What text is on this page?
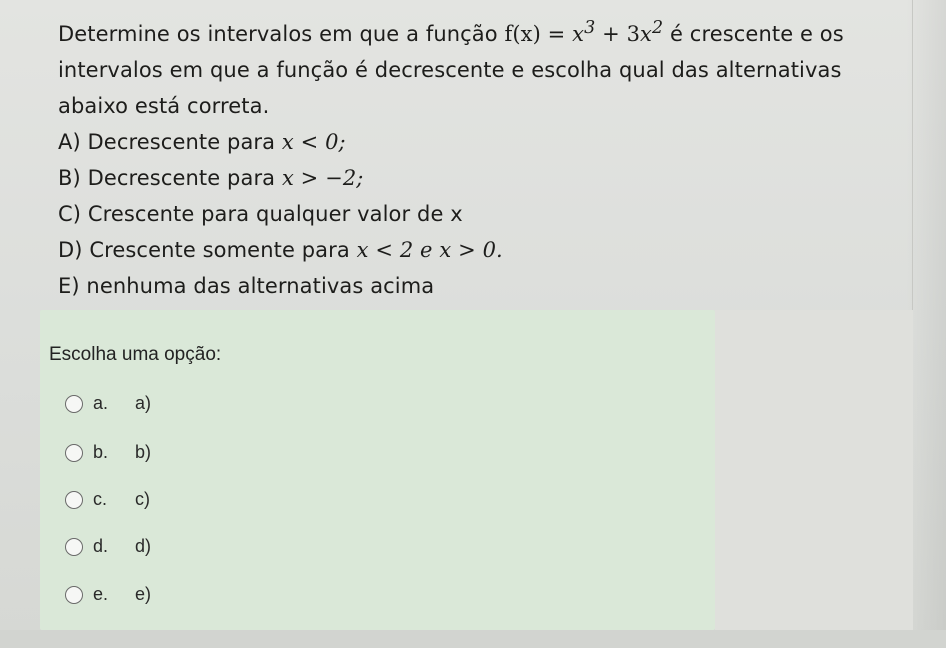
Determine os intervalos em que a função $f(x) = x^3 + 3x^2$ é crescente e os
intervalos em que a função é decrescente e escolha qual das alternativas
abaixo está correta.
A) Decrescente para x < 0;
B) Decrescente para x > −2;
C) Crescente para qualquer valor de x
D) Crescente somente para x < 2 e x > 0.
E) nenhuma das alternativas acima
Escolha uma opção:
a.	a)
b.	b)
c.	c)
d.	d)
e.	e)
